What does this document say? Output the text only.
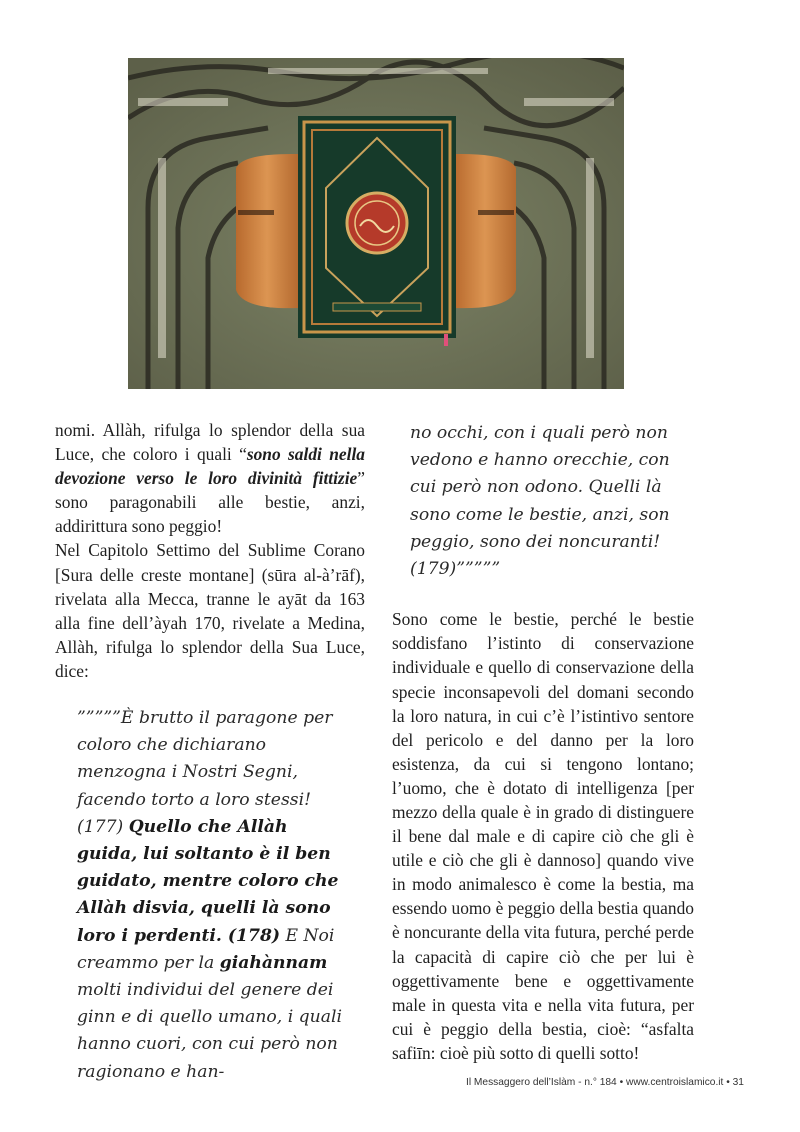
nomi. Allàh, rifulga lo splendor della sua Luce, che coloro i quali “sono saldi nella devozione verso le loro divinità fittizie” sono paragonabili alle bestie, anzi, addirittura sono peggio!

Nel Capitolo Settimo del Sublime Corano [Sura delle creste montane] (sūra al-à’rāf), rivelata alla Mecca, tranne le ayāt da 163 alla fine dell’àyah 170, rivelate a Medina, Allàh, rifulga lo splendor della Sua Luce, dice:

”””””È brutto il paragone per coloro che dichiarano menzogna i Nostri Segni, facendo torto a loro stessi! (177) Quello che Allàh guida, lui soltanto è il ben guidato, mentre coloro che Allàh disvia, quelli là sono loro i perdenti. (178) E Noi creammo per la giahànnam molti individui del genere dei ginn e di quello umano, i quali hanno cuori, con cui però non ragionano e han-
no occhi, con i quali però non vedono e hanno orecchie, con cui però non odono. Quelli là sono come le bestie, anzi, son peggio, sono dei noncuranti! (179)”””””

Sono come le bestie, perché le bestie soddisfano l’istinto di conservazione individuale e quello di conservazione della specie inconsapevoli del domani secondo la loro natura, in cui c’è l’istintivo sentore del pericolo e del danno per la loro esistenza, da cui si tengono lontano; l’uomo, che è dotato di intelligenza [per mezzo della quale è in grado di distinguere il bene dal male e di capire ciò che gli è utile e ciò che gli è dannoso] quando vive in modo animalesco è come la bestia, ma essendo uomo è peggio della bestia quando è noncurante della vita futura, perché perde la capacità di capire ciò che per lui è oggettivamente bene e oggettivamente male in questa vita e nella vita futura, per cui è peggio della bestia, cioè: “asfalta safiīn: cioè più sotto di quelli sotto!

Il Messaggero dell’Islàm - n.° 184 • www.centroislamico.it • 31
